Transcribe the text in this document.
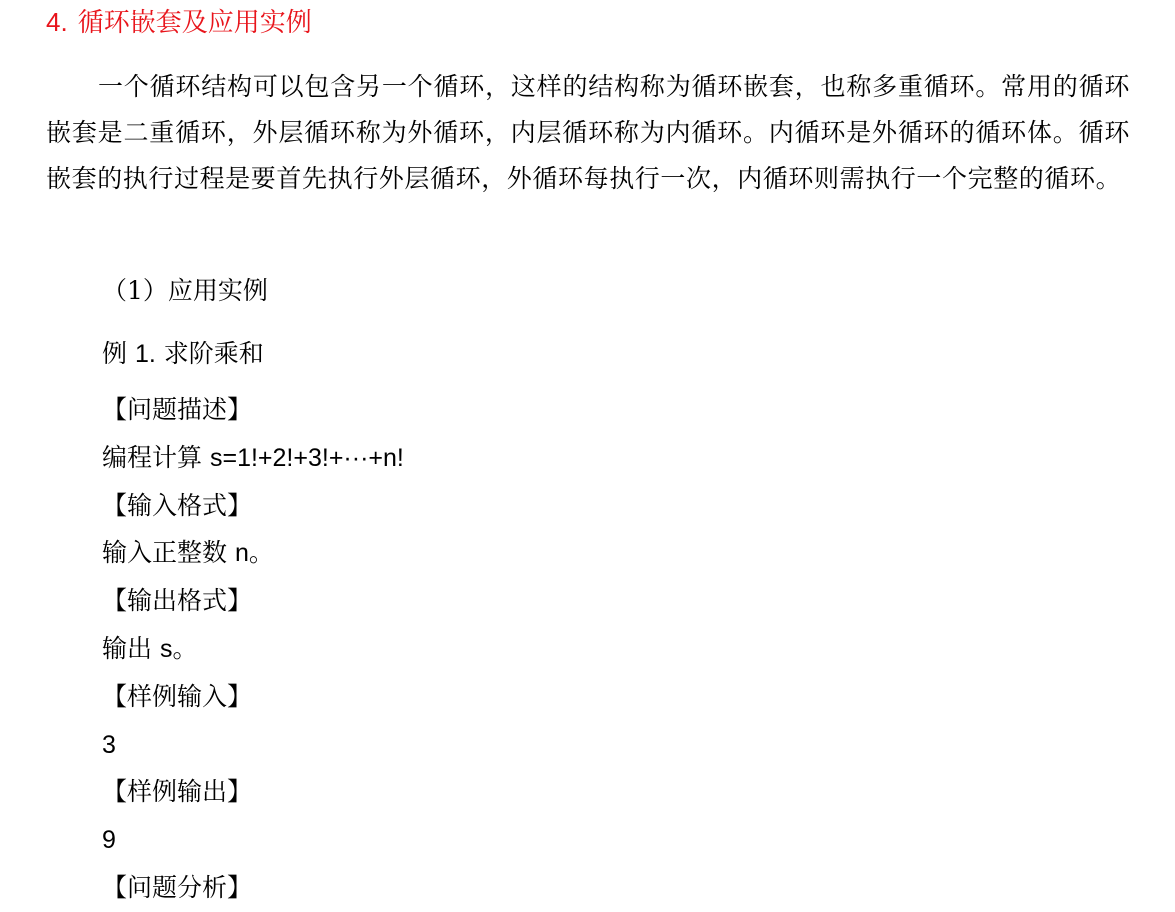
4. 循环嵌套及应用实例
一个循环结构可以包含另一个循环，这样的结构称为循环嵌套，也称多重循环。常用的循环嵌套是二重循环，外层循环称为外循环，内层循环称为内循环。内循环是外循环的循环体。循环嵌套的执行过程是要首先执行外层循环，外循环每执行一次，内循环则需执行一个完整的循环。
（1）应用实例
例 1. 求阶乘和
【问题描述】
编程计算 s=1!+2!+3!+···+n!
【输入格式】
输入正整数 n。
【输出格式】
输出 s。
【样例输入】
3
【样例输出】
9
【问题分析】
